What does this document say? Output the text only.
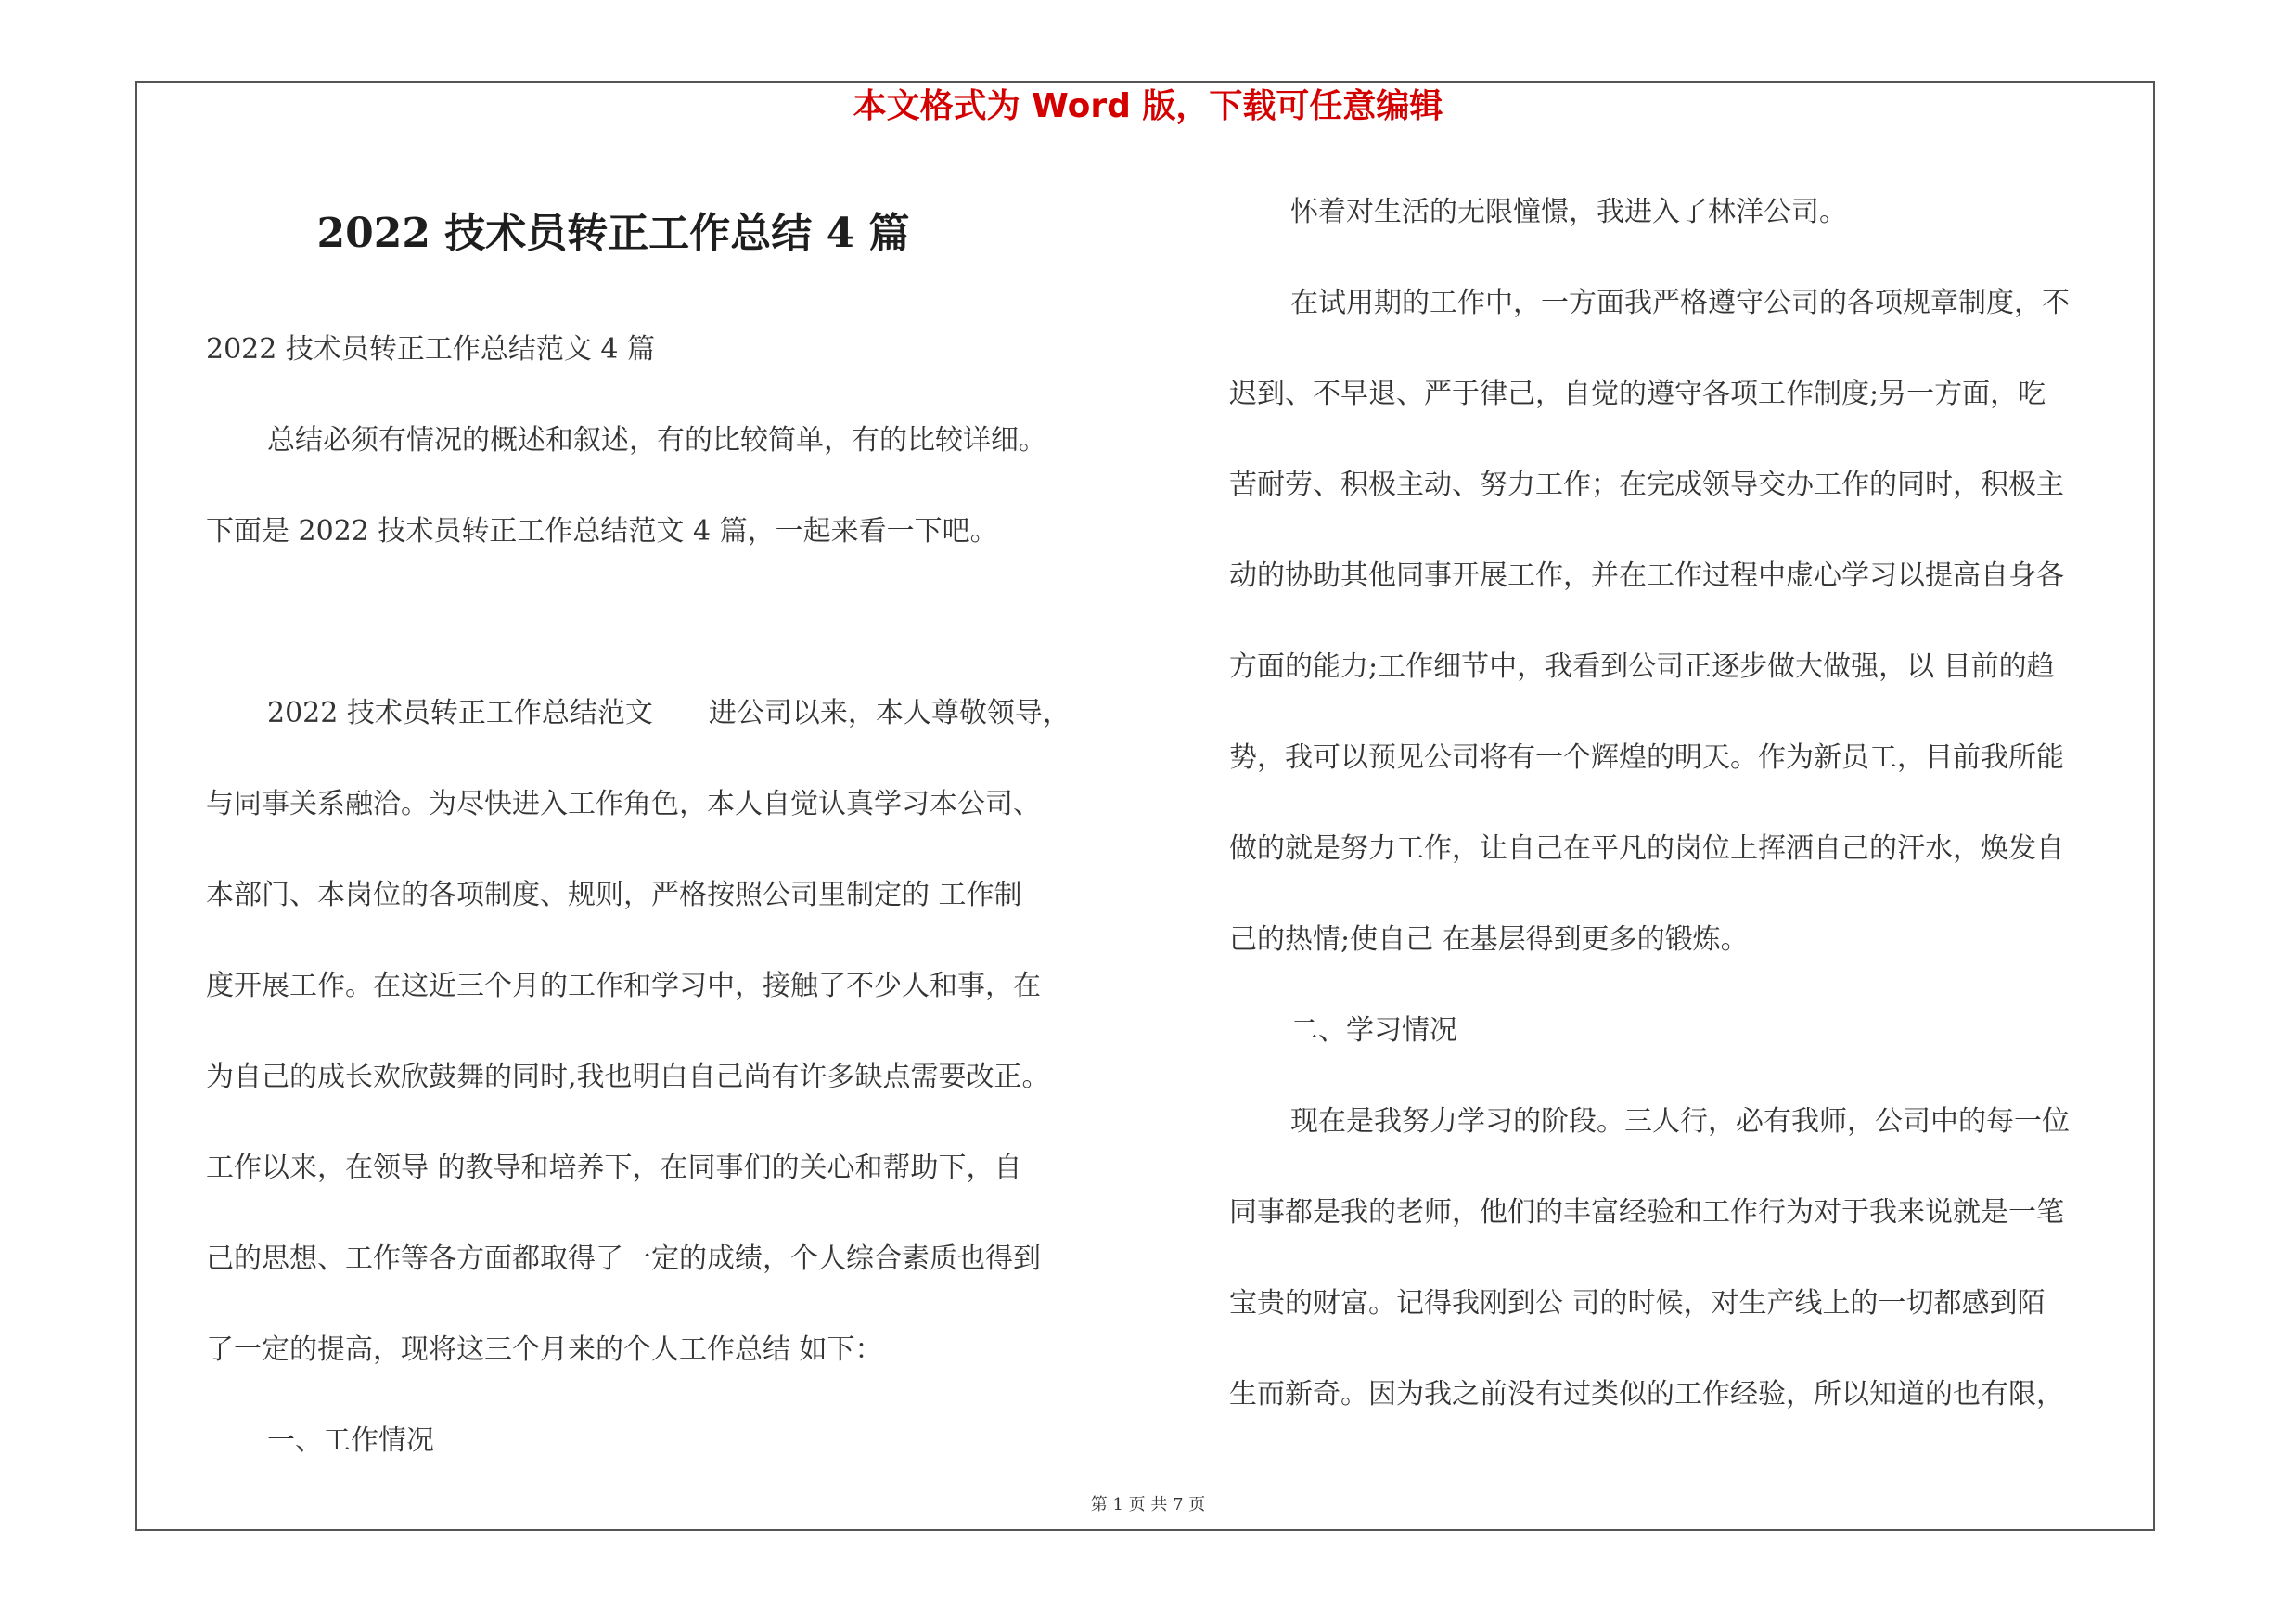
本文格式为 Word 版，下载可任意编辑
2022 技术员转正工作总结 4 篇
2022 技术员转正工作总结范文 4 篇
总结必须有情况的概述和叙述，有的比较简单，有的比较详细。
下面是 2022 技术员转正工作总结范文 4 篇，一起来看一下吧。
2022 技术员转正工作总结范文　　进公司以来，本人尊敬领导，
与同事关系融洽。为尽快进入工作角色，本人自觉认真学习本公司、
本部门、本岗位的各项制度、规则，严格按照公司里制定的 工作制
度开展工作。在这近三个月的工作和学习中，接触了不少人和事，在
为自己的成长欢欣鼓舞的同时,我也明白自己尚有许多缺点需要改正。
工作以来，在领导 的教导和培养下，在同事们的关心和帮助下，自
己的思想、工作等各方面都取得了一定的成绩，个人综合素质也得到
了一定的提高，现将这三个月来的个人工作总结 如下：
一、工作情况
怀着对生活的无限憧憬，我进入了林洋公司。
在试用期的工作中，一方面我严格遵守公司的各项规章制度，不
迟到、不早退、严于律己，自觉的遵守各项工作制度;另一方面，吃
苦耐劳、积极主动、努力工作；在完成领导交办工作的同时，积极主
动的协助其他同事开展工作，并在工作过程中虚心学习以提高自身各
方面的能力;工作细节中，我看到公司正逐步做大做强，以 目前的趋
势，我可以预见公司将有一个辉煌的明天。作为新员工，目前我所能
做的就是努力工作，让自己在平凡的岗位上挥洒自己的汗水，焕发自
己的热情;使自己 在基层得到更多的锻炼。
二、学习情况
现在是我努力学习的阶段。三人行，必有我师，公司中的每一位
同事都是我的老师，他们的丰富经验和工作行为对于我来说就是一笔
宝贵的财富。记得我刚到公 司的时候，对生产线上的一切都感到陌
生而新奇。因为我之前没有过类似的工作经验，所以知道的也有限，
第 1 页 共 7 页
